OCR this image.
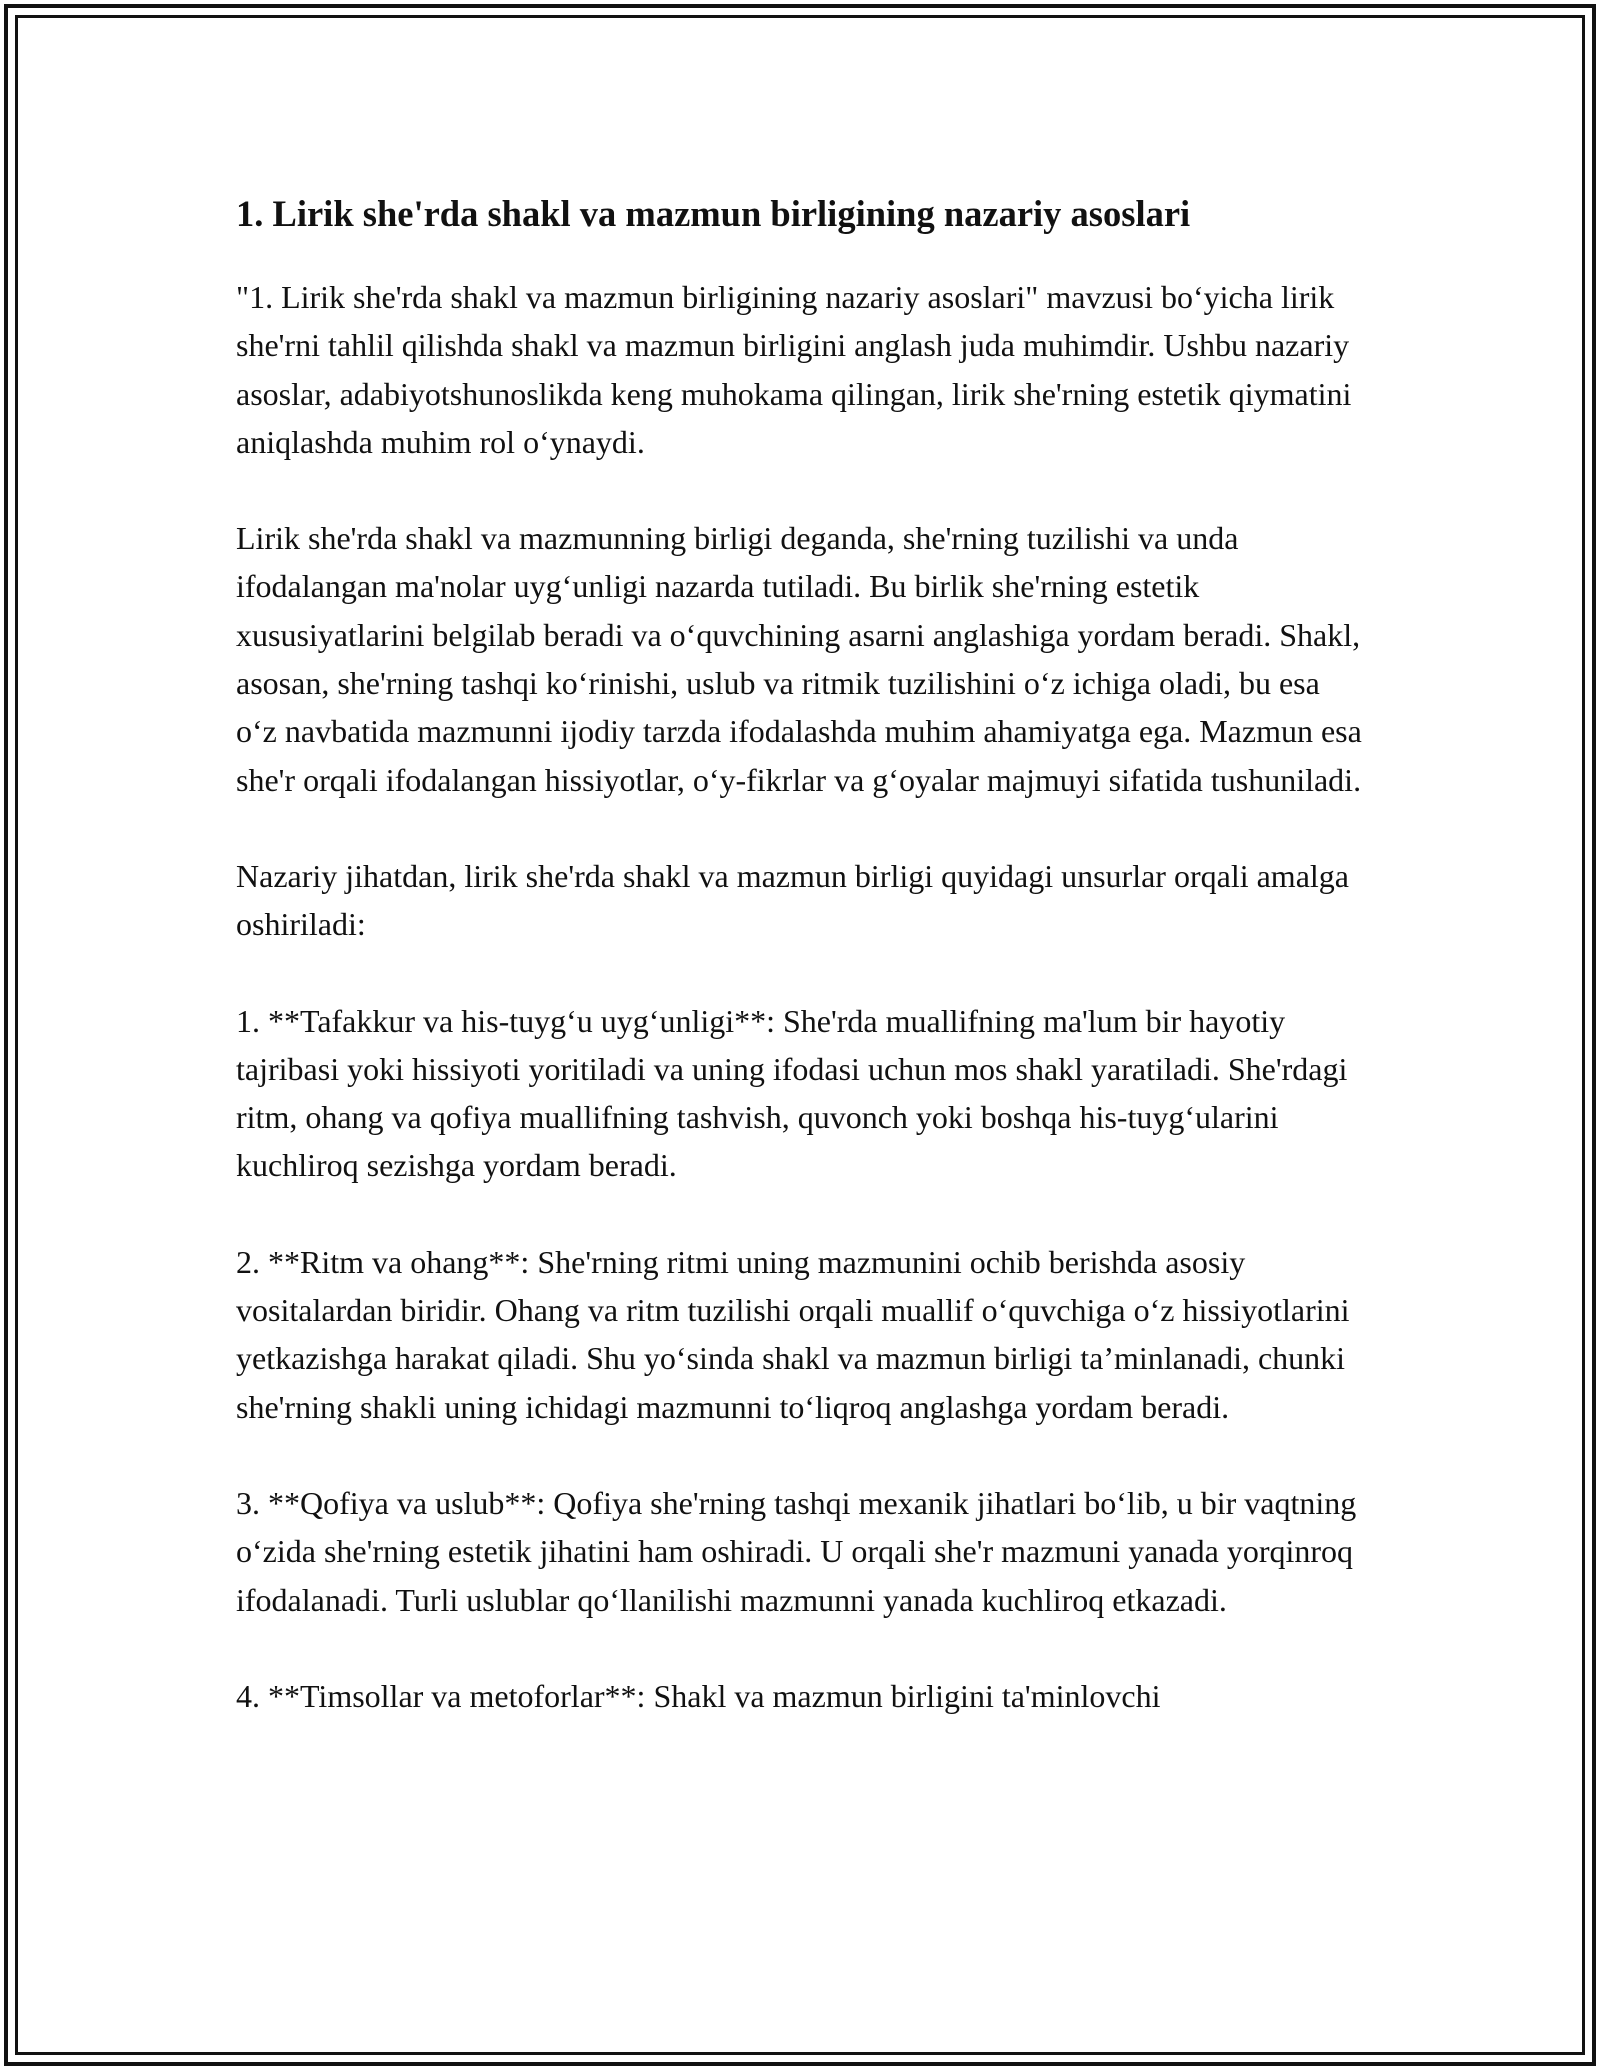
1. Lirik she'rda shakl va mazmun birligining nazariy asoslari

"1. Lirik she'rda shakl va mazmun birligining nazariy asoslari" mavzusi bo‘yicha lirik she'rni tahlil qilishda shakl va mazmun birligini anglash juda muhimdir. Ushbu nazariy asoslar, adabiyotshunoslikda keng muhokama qilingan, lirik she'rning estetik qiymatini aniqlashda muhim rol o‘ynaydi.

Lirik she'rda shakl va mazmunning birligi deganda, she'rning tuzilishi va unda ifodalangan ma'nolar uyg‘unligi nazarda tutiladi. Bu birlik she'rning estetik xususiyatlarini belgilab beradi va o‘quvchining asarni anglashiga yordam beradi. Shakl, asosan, she'rning tashqi ko‘rinishi, uslub va ritmik tuzilishini o‘z ichiga oladi, bu esa o‘z navbatida mazmunni ijodiy tarzda ifodalashda muhim ahamiyatga ega. Mazmun esa she'r orqali ifodalangan hissiyotlar, o‘y-fikrlar va g‘oyalar majmuyi sifatida tushuniladi.

Nazariy jihatdan, lirik she'rda shakl va mazmun birligi quyidagi unsurlar orqali amalga oshiriladi:

1. **Tafakkur va his-tuyg‘u uyg‘unligi**: She'rda muallifning ma'lum bir hayotiy tajribasi yoki hissiyoti yoritiladi va uning ifodasi uchun mos shakl yaratiladi. She'rdagi ritm, ohang va qofiya muallifning tashvish, quvonch yoki boshqa his-tuyg‘ularini kuchliroq sezishga yordam beradi.

2. **Ritm va ohang**: She'rning ritmi uning mazmunini ochib berishda asosiy vositalardan biridir. Ohang va ritm tuzilishi orqali muallif o‘quvchiga o‘z hissiyotlarini yetkazishga harakat qiladi. Shu yo‘sinda shakl va mazmun birligi ta’minlanadi, chunki she'rning shakli uning ichidagi mazmunni to‘liqroq anglashga yordam beradi.

3. **Qofiya va uslub**: Qofiya she'rning tashqi mexanik jihatlari bo‘lib, u bir vaqtning o‘zida she'rning estetik jihatini ham oshiradi. U orqali she'r mazmuni yanada yorqinroq ifodalanadi. Turli uslublar qo‘llanilishi mazmunni yanada kuchliroq etkazadi.

4. **Timsollar va metoforlar**: Shakl va mazmun birligini ta'minlovchi
